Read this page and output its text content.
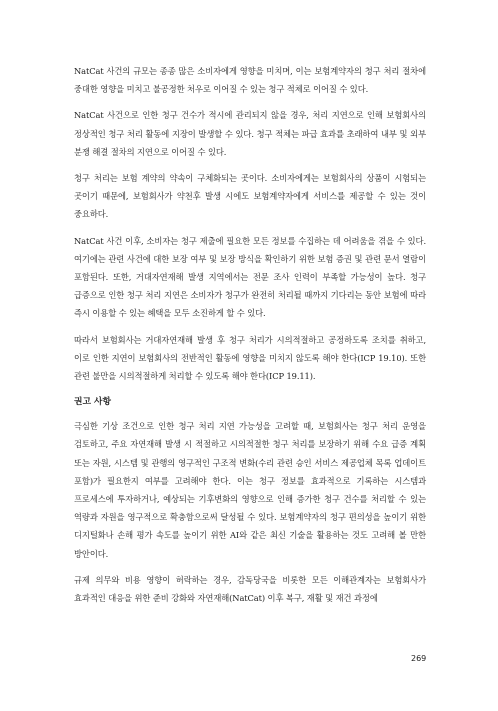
NatCat 사건의 규모는 종종 많은 소비자에게 영향을 미치며, 이는 보험계약자의 청구 처리 절차에 중대한 영향을 미치고 불공정한 처우로 이어질 수 있는 청구 적체로 이어질 수 있다.

NatCat 사건으로 인한 청구 건수가 적시에 관리되지 않을 경우, 처리 지연으로 인해 보험회사의 정상적인 청구 처리 활동에 지장이 발생할 수 있다. 청구 적체는 파급 효과를 초래하여 내부 및 외부 분쟁 해결 절차의 지연으로 이어질 수 있다.

청구 처리는 보험 계약의 약속이 구체화되는 곳이다. 소비자에게는 보험회사의 상품이 시험되는 곳이기 때문에, 보험회사가 약천후 발생 시에도 보험계약자에게 서비스를 제공할 수 있는 것이 중요하다.

NatCat 사건 이후, 소비자는 청구 제출에 필요한 모든 정보를 수집하는 데 어려움을 겪을 수 있다. 여기에는 관련 사건에 대한 보장 여부 및 보장 방식을 확인하기 위한 보험 증권 및 관련 문서 열람이 포함된다. 또한, 거대자연재해 발생 지역에서는 전문 조사 인력이 부족할 가능성이 높다. 청구 급증으로 인한 청구 처리 지연은 소비자가 청구가 완전히 처리될 때까지 기다리는 동안 보험에 따라 즉시 이용할 수 있는 혜택을 모두 소진하게 할 수 있다.

따라서 보험회사는 거대자연재해 발생 후 청구 처리가 시의적절하고 공정하도록 조치를 취하고, 이로 인한 지연이 보험회사의 전반적인 활동에 영향을 미치지 않도록 해야 한다(ICP 19.10). 또한 관련 불만을 시의적절하게 처리할 수 있도록 해야 한다(ICP 19.11).

권고 사항

극심한 기상 조건으로 인한 청구 처리 지연 가능성을 고려할 때, 보험회사는 청구 처리 운영을 검토하고, 주요 자연재해 발생 시 적절하고 시의적절한 청구 처리를 보장하기 위해 수요 급증 계획 또는 자원, 시스템 및 관행의 영구적인 구조적 변화(수리 관련 승인 서비스 제공업체 목록 업데이트 포함)가 필요한지 여부를 고려해야 한다. 이는 청구 정보를 효과적으로 기록하는 시스템과 프로세스에 투자하거나, 예상되는 기후변화의 영향으로 인해 증가한 청구 건수를 처리할 수 있는 역량과 자원을 영구적으로 확충함으로써 달성될 수 있다. 보험계약자의 청구 편의성을 높이기 위한 디지털화나 손해 평가 속도를 높이기 위한 AI와 같은 최신 기술을 활용하는 것도 고려해 볼 만한 방안이다.

규제 의무와 비용 영향이 허락하는 경우, 감독당국을 비롯한 모든 이해관계자는 보험회사가 효과적인 대응을 위한 준비 강화와 자연재해(NatCat) 이후 복구, 재활 및 재건 과정에

269
